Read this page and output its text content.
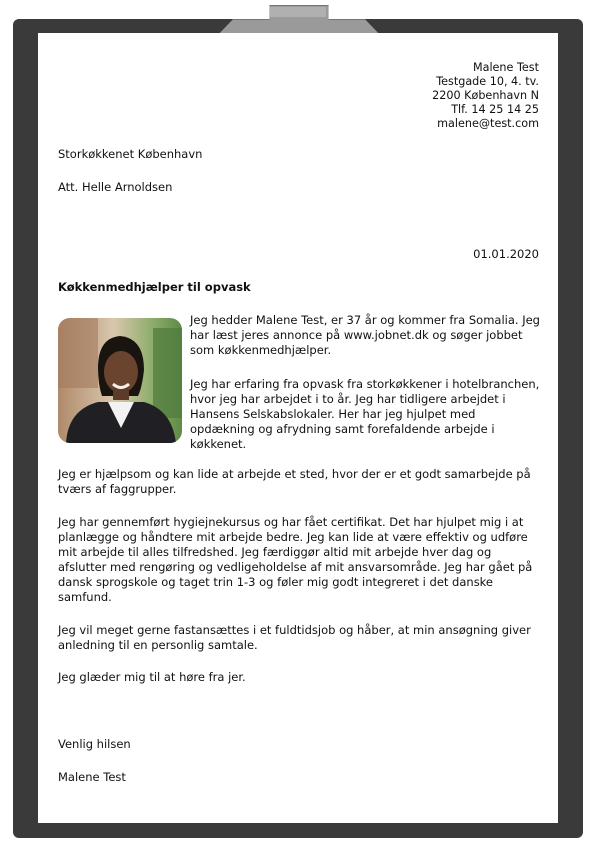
Malene Test
Testgade 10, 4. tv.
2200 København N
Tlf. 14 25 14 25
malene@test.com
Storkøkkenet København
Att. Helle Arnoldsen
01.01.2020
Køkkenmedhjælper til opvask

Jeg hedder Malene Test, er 37 år og kommer fra Somalia. Jeg har læst jeres annonce på www.jobnet.dk og søger jobbet som køkkenmedhjælper.

Jeg har erfaring fra opvask fra storkøkkener i hotelbranchen, hvor jeg har arbejdet i to år. Jeg har tidligere arbejdet i Hansens Selskabslokaler. Her har jeg hjulpet med opdækning og afrydning samt forefaldende arbejde i køkkenet.

Jeg er hjælpsom og kan lide at arbejde et sted, hvor der er et godt samarbejde på tværs af faggrupper.

Jeg har gennemført hygiejnekursus og har fået certifikat. Det har hjulpet mig i at planlægge og håndtere mit arbejde bedre. Jeg kan lide at være effektiv og udføre mit arbejde til alles tilfredshed. Jeg færdiggør altid mit arbejde hver dag og afslutter med rengøring og vedligeholdelse af mit ansvarsområde. Jeg har gået på dansk sprogskole og taget trin 1-3 og føler mig godt integreret i det danske samfund.

Jeg vil meget gerne fastansættes i et fuldtidsjob og håber, at min ansøgning giver anledning til en personlig samtale.

Jeg glæder mig til at høre fra jer.

Venlig hilsen
Malene Test
